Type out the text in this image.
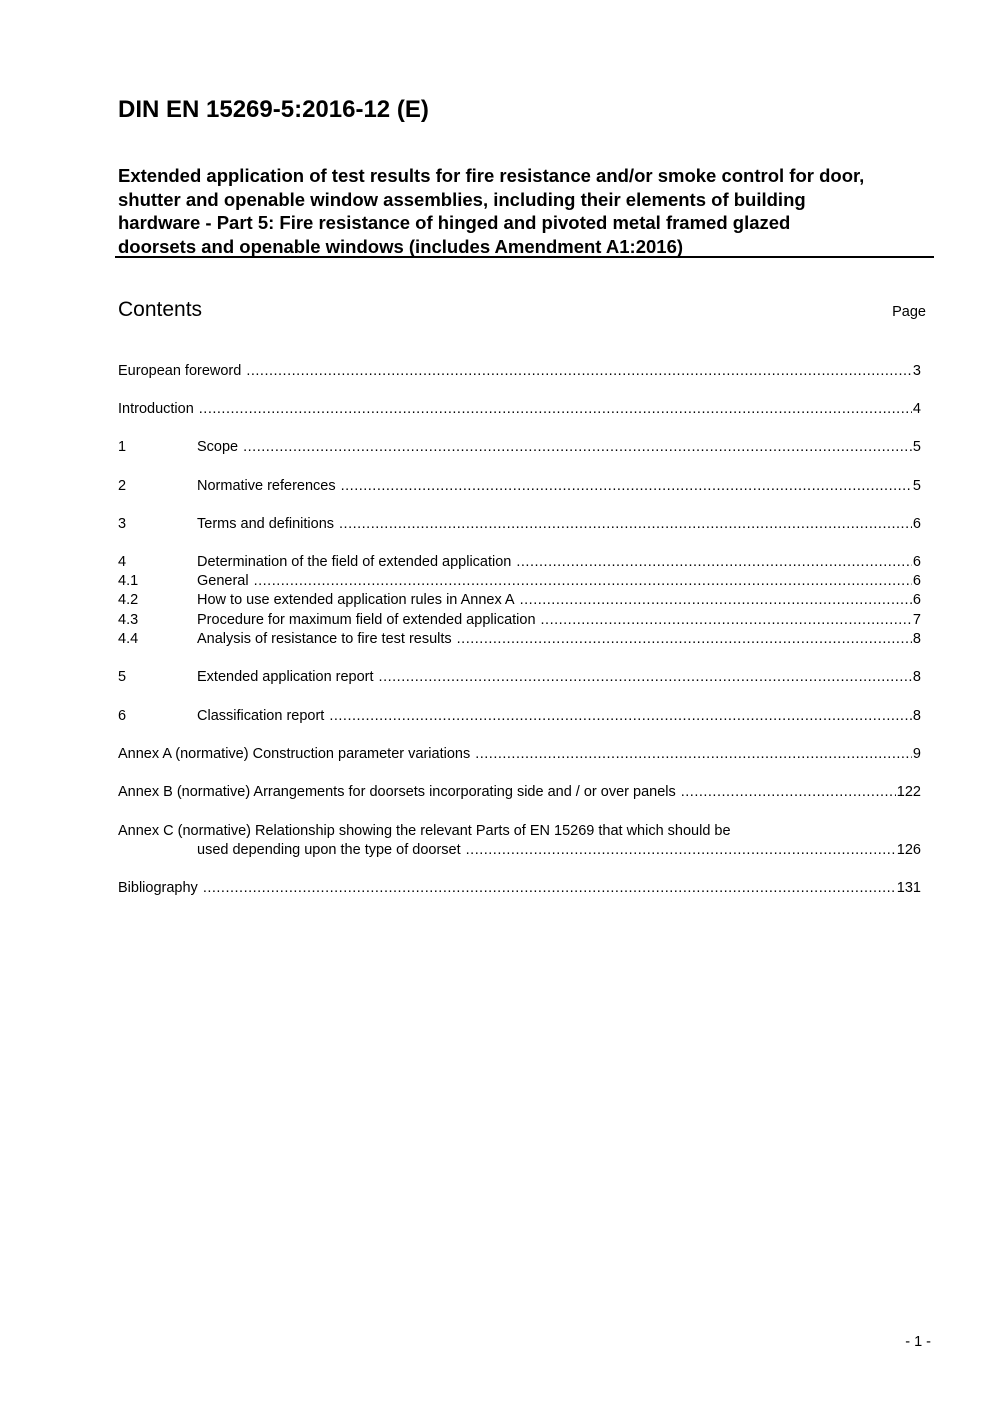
DIN EN 15269-5:2016-12 (E)
Extended application of test results for fire resistance and/or smoke control for door,
shutter and openable window assemblies, including their elements of building
hardware - Part 5: Fire resistance of hinged and pivoted metal framed glazed
doorsets and openable windows (includes Amendment A1:2016)
Contents	Page
European foreword .....	3
Introduction .....	4
1	Scope .....	5
2	Normative references .....	5
3	Terms and definitions .....	6
4	Determination of the field of extended application .....	6
4.1	General .....	6
4.2	How to use extended application rules in Annex A .....	6
4.3	Procedure for maximum field of extended application .....	7
4.4	Analysis of resistance to fire test results .....	8
5	Extended application report .....	8
6	Classification report .....	8
Annex A (normative) Construction parameter variations .....	9
Annex B (normative) Arrangements for doorsets incorporating side and / or over panels .....	122
Annex C (normative) Relationship showing the relevant Parts of EN 15269 that which should be
used depending upon the type of doorset .....	126
Bibliography .....	131
- 1 -
